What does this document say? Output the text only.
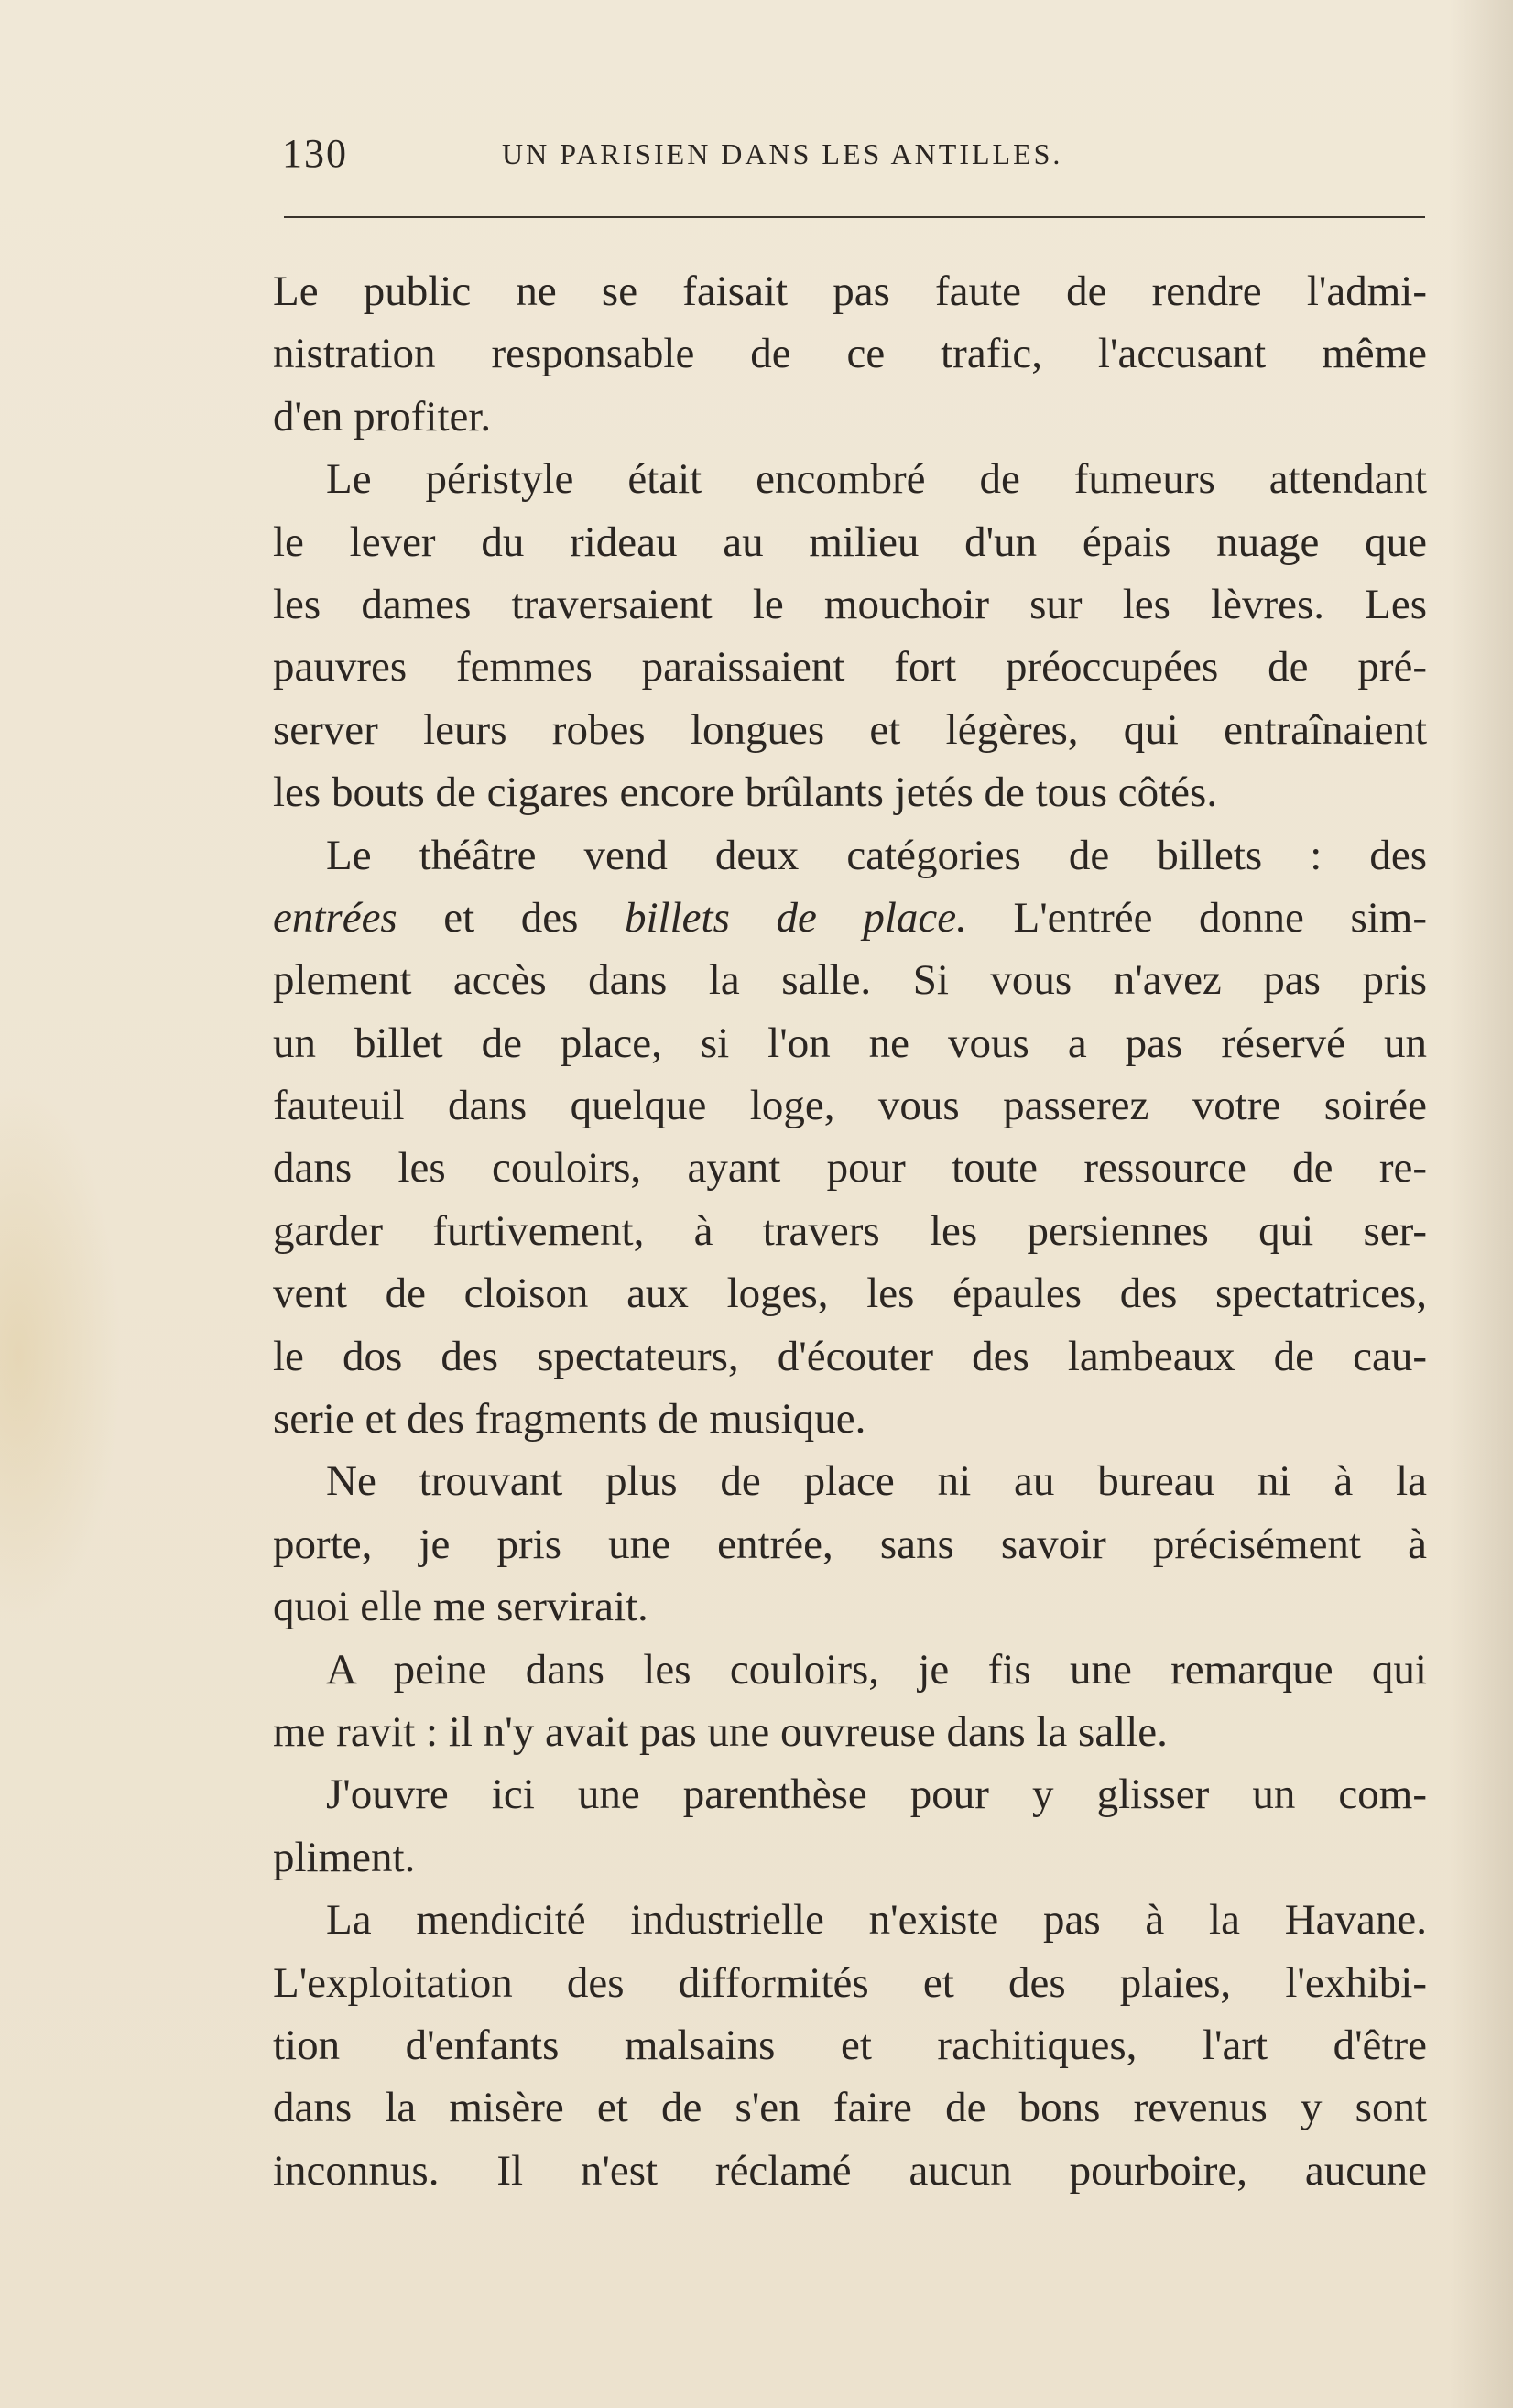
130	UN PARISIEN DANS LES ANTILLES.
Le public ne se faisait pas faute de rendre l'admi-
nistration responsable de ce trafic, l'accusant même
d'en profiter.
Le péristyle était encombré de fumeurs attendant
le lever du rideau au milieu d'un épais nuage que
les dames traversaient le mouchoir sur les lèvres. Les
pauvres femmes paraissaient fort préoccupées de pré-
server leurs robes longues et légères, qui entraînaient
les bouts de cigares encore brûlants jetés de tous côtés.
Le théâtre vend deux catégories de billets : des
entrées et des billets de place. L'entrée donne sim-
plement accès dans la salle. Si vous n'avez pas pris
un billet de place, si l'on ne vous a pas réservé un
fauteuil dans quelque loge, vous passerez votre soirée
dans les couloirs, ayant pour toute ressource de re-
garder furtivement, à travers les persiennes qui ser-
vent de cloison aux loges, les épaules des spectatrices,
le dos des spectateurs, d'écouter des lambeaux de cau-
serie et des fragments de musique.
Ne trouvant plus de place ni au bureau ni à la
porte, je pris une entrée, sans savoir précisément à
quoi elle me servirait.
A peine dans les couloirs, je fis une remarque qui
me ravit : il n'y avait pas une ouvreuse dans la salle.
J'ouvre ici une parenthèse pour y glisser un com-
pliment.
La mendicité industrielle n'existe pas à la Havane.
L'exploitation des difformités et des plaies, l'exhibi-
tion d'enfants malsains et rachitiques, l'art d'être
dans la misère et de s'en faire de bons revenus y sont
inconnus. Il n'est réclamé aucun pourboire, aucune
